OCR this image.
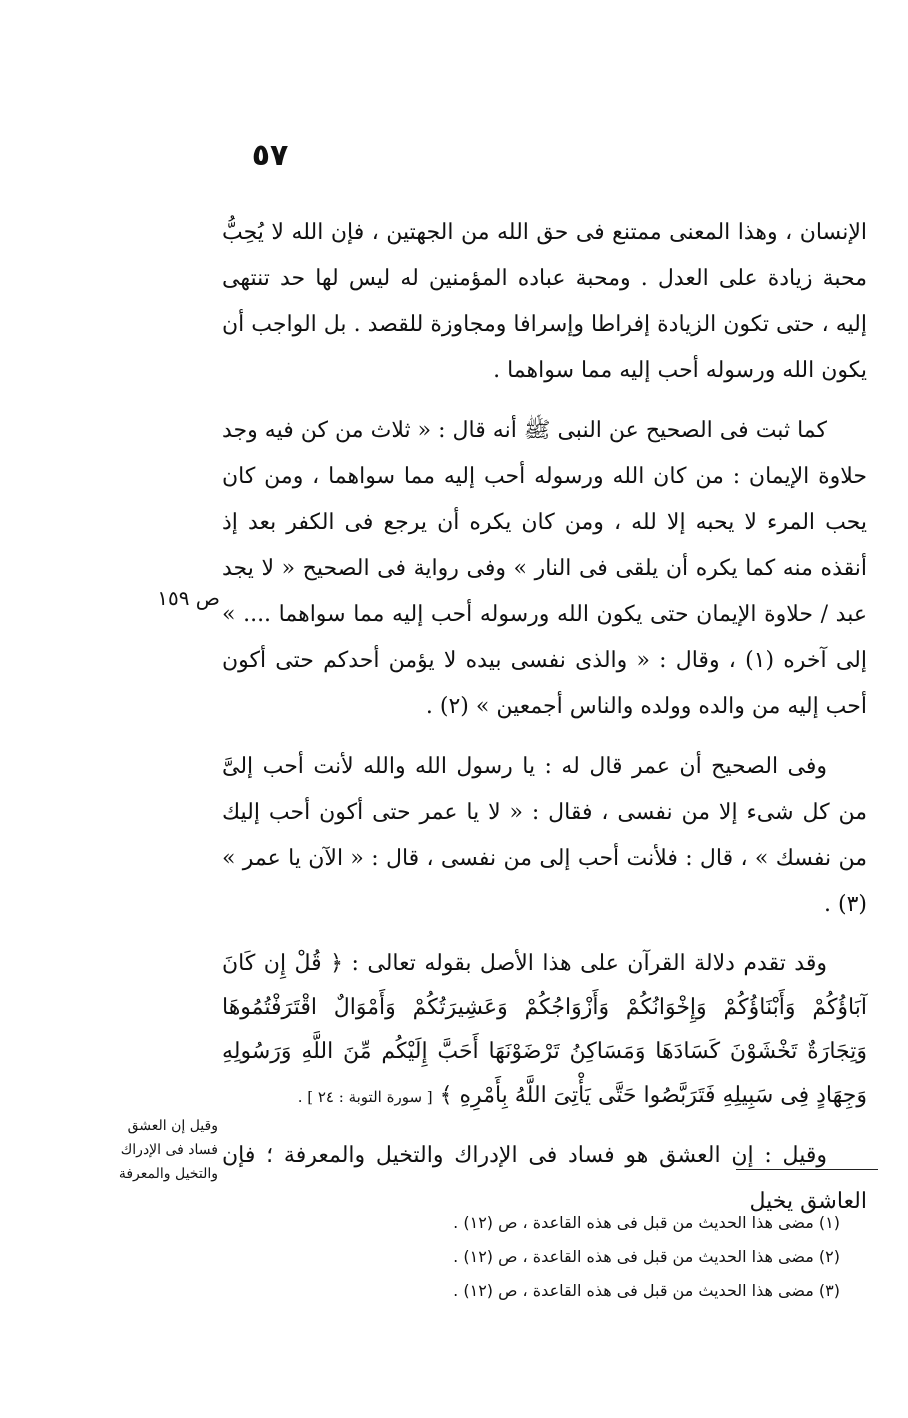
٥٧

الإنسان ، وهذا المعنى ممتنع فى حق الله من الجهتين ، فإن الله لا يُحِبُّ محبة زيادة على العدل . ومحبة عباده المؤمنين له ليس لها حد تنتهى إليه ، حتى تكون الزيادة إفراطا وإسرافا ومجاوزة للقصد . بل الواجب أن يكون الله ورسوله أحب إليه مما سواهما .

كما ثبت فى الصحيح عن النبى ﷺ أنه قال : « ثلاث من كن فيه وجد حلاوة الإيمان : من كان الله ورسوله أحب إليه مما سواهما ، ومن كان يحب المرء لا يحبه إلا لله ، ومن كان يكره أن يرجع فى الكفر بعد إذ أنقذه منه كما يكره أن يلقى فى النار » وفى رواية فى الصحيح « لا يجد عبد / حلاوة الإيمان حتى يكون الله ورسوله أحب إليه مما سواهما .... » إلى آخره (١) ، وقال : « والذى نفسى بيده لا يؤمن أحدكم حتى أكون أحب إليه من والده وولده والناس أجمعين » (٢) .

وفى الصحيح أن عمر قال له : يا رسول الله والله لأنت أحب إلىَّ من كل شىء إلا من نفسى ، فقال : « لا يا عمر حتى أكون أحب إليك من نفسك » ، قال : فلأنت أحب إلى من نفسى ، قال : « الآن يا عمر » (٣) .

وقد تقدم دلالة القرآن على هذا الأصل بقوله تعالى : ﴿ قُلْ إِن كَانَ آبَاؤُكُمْ وَأَبْنَاؤُكُمْ وَإِخْوَانُكُمْ وَأَزْوَاجُكُمْ وَعَشِيرَتُكُمْ وَأَمْوَالٌ اقْتَرَفْتُمُوهَا وَتِجَارَةٌ تَخْشَوْنَ كَسَادَهَا وَمَسَاكِنُ تَرْضَوْنَهَا أَحَبَّ إِلَيْكُم مِّنَ اللَّهِ وَرَسُولِهِ وَجِهَادٍ فِى سَبِيلِهِ فَتَرَبَّصُوا حَتَّى يَأْتِىَ اللَّهُ بِأَمْرِهِ ﴾ [ سورة التوبة : ٢٤ ] .

وقيل : إن العشق هو فساد فى الإدراك والتخيل والمعرفة ؛ فإن العاشق يخيل

ص ١٥٩
وقيل إن العشق
فساد فى الإدراك
والتخيل والمعرفة
(١) مضى هذا الحديث من قبل فى هذه القاعدة ، ص (١٢) .
(٢) مضى هذا الحديث من قبل فى هذه القاعدة ، ص (١٢) .
(٣) مضى هذا الحديث من قبل فى هذه القاعدة ، ص (١٢) .
